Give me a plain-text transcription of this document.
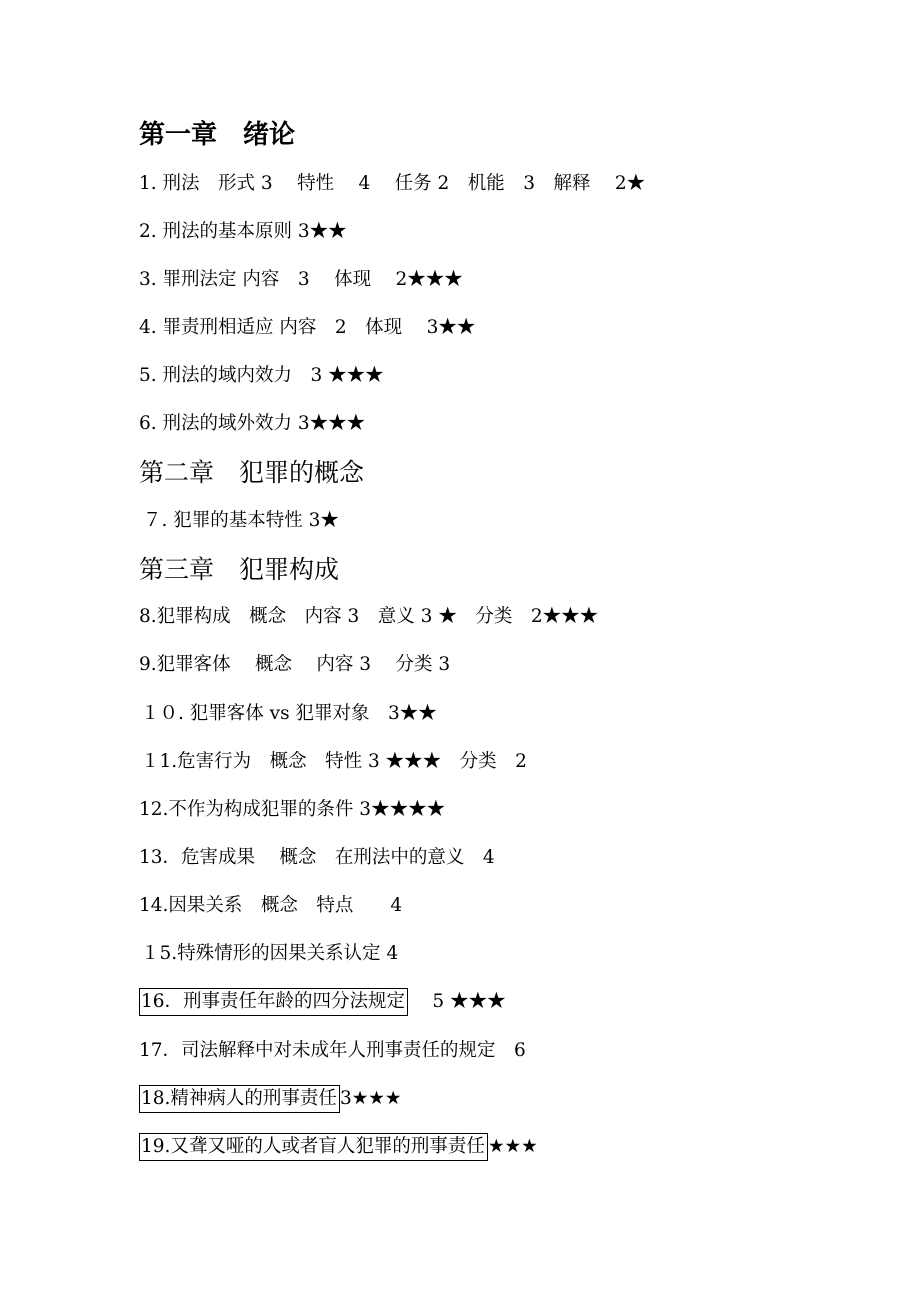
第一章　绪论
1. 刑法　形式 3　 特性　 4　 任务 2　机能　3　解释　 2★
2. 刑法的基本原则 3★★
3. 罪刑法定 内容　3　 体现　 2★★★
4. 罪责刑相适应 内容　2　体现　 3★★
5. 刑法的域内效力　3 ★★★
6. 刑法的域外效力 3★★★
第二章　犯罪的概念
７. 犯罪的基本特性 3★
第三章　犯罪构成
8.犯罪构成　概念　内容 3　意义 3 ★　分类　2★★★
9.犯罪客体　 概念　 内容 3　 分类 3
１０. 犯罪客体 vs 犯罪对象　3★★
１1.危害行为　概念　特性 3 ★★★　分类　2
12.不作为构成犯罪的条件 3★★★★
13．危害成果　 概念　在刑法中的意义　4
14.因果关系　概念　特点　　4
１5.特殊情形的因果关系认定 4
16．刑事责任年龄的四分法规定　 5 ★★★
17．司法解释中对未成年人刑事责任的规定　6
18.精神病人的刑事责任 3★★★
19.又聋又哑的人或者盲人犯罪的刑事责任 ★★★
